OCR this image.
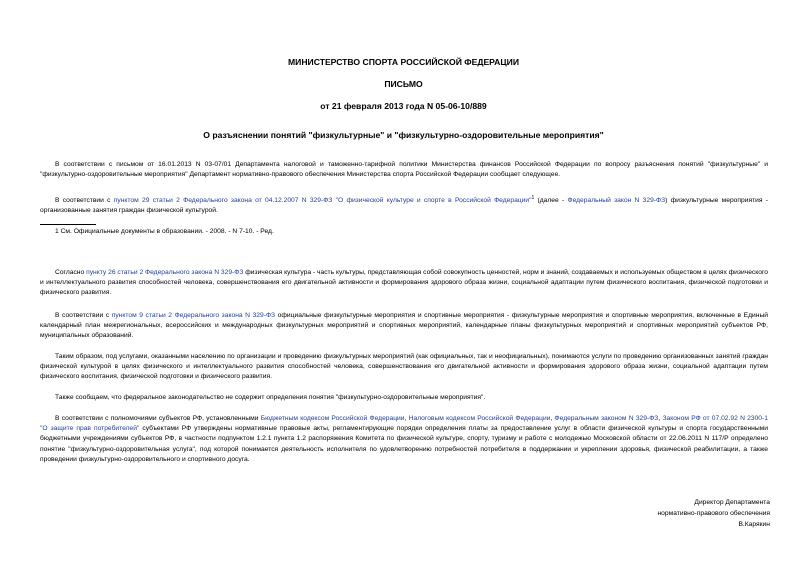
МИНИСТЕРСТВО СПОРТА РОССИЙСКОЙ ФЕДЕРАЦИИ
ПИСЬМО
от 21 февраля 2013 года N 05-06-10/889
О разъяснении понятий "физкультурные" и "физкультурно-оздоровительные мероприятия"

В соответствии с письмом от 16.01.2013 N 03-07/01 Департамента налоговой и таможенно-тарифной политики Министерства финансов Российской Федерации по вопросу разъяснения понятий "физкультурные" и "физкультурно-оздоровительные мероприятия" Департамент нормативно-правового обеспечения Министерства спорта Российской Федерации сообщает следующее.

В соответствии с пунктом 29 статьи 2 Федерального закона от 04.12.2007 N 329-ФЗ "О физической культуре и спорте в Российской Федерации"$^1$ (далее - Федеральный закон N 329-ФЗ) физкультурные мероприятия - организованные занятия граждан физической культурой.

1 См. Официальные документы в образовании. - 2008. - N 7-10. - Ред.

Согласно пункту 26 статьи 2 Федерального закона N 329-ФЗ физическая культура - часть культуры, представляющая собой совокупность ценностей, норм и знаний, создаваемых и используемых обществом в целях физического и интеллектуального развития способностей человека, совершенствования его двигательной активности и формирования здорового образа жизни, социальной адаптации путем физического воспитания, физической подготовки и физического развития.

В соответствии с пунктом 9 статьи 2 Федерального закона N 329-ФЗ официальные физкультурные мероприятия и спортивные мероприятия - физкультурные мероприятия и спортивные мероприятия, включенные в Единый календарный план межрегиональных, всероссийских и международных физкультурных мероприятий и спортивных мероприятий, календарные планы физкультурных мероприятий и спортивных мероприятий субъектов РФ, муниципальных образований.

Таким образом, под услугами, оказанными населению по организации и проведению физкультурных мероприятий (как официальных, так и неофициальных), понимаются услуги по проведению организованных занятий граждан физической культурой в целях физического и интеллектуального развития способностей человека, совершенствования его двигательной активности и формирования здорового образа жизни, социальной адаптации путем физического воспитания, физической подготовки и физического развития.

Также сообщаем, что федеральное законодательство не содержит определения понятия "физкультурно-оздоровительные мероприятия".

В соответствии с полномочиями субъектов РФ, установленными Бюджетным кодексом Российской Федерации, Налоговым кодексом Российской Федерации, Федеральным законом N 329-ФЗ, Законом РФ от 07.02.92 N 2300-1 "О защите прав потребителей" субъектами РФ утверждены нормативные правовые акты, регламентирующие порядки определения платы за предоставление услуг в области физической культуры и спорта государственными бюджетными учреждениями субъектов РФ, в частности подпунктом 1.2.1 пункта 1.2 распоряжения Комитета по физической культуре, спорту, туризму и работе с молодежью Московской области от 22.06.2011 N 117/Р определено понятие "физкультурно-оздоровительная услуга", под которой понимается деятельность исполнителя по удовлетворению потребностей потребителя в поддержании и укреплении здоровья, физической реабилитации, а также проведении физкультурно-оздоровительного и спортивного досуга.

Директор Департамента
нормативно-правового обеспечения
В.Карякин
